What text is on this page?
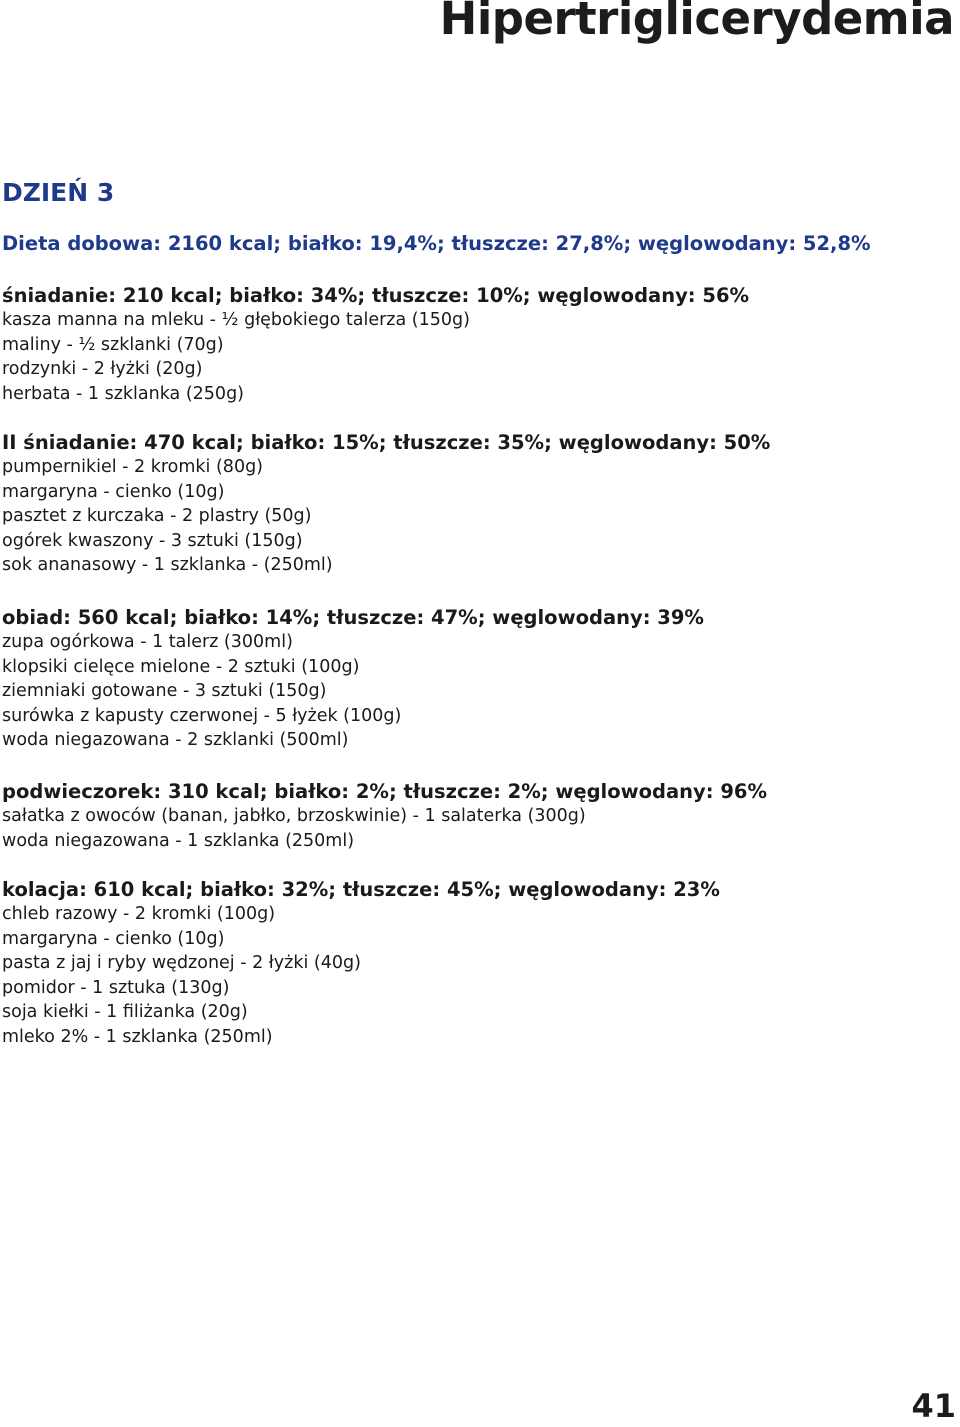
Hipertriglicerydemia
DZIEŃ 3

Dieta dobowa: 2160 kcal; białko: 19,4%; tłuszcze: 27,8%; węglowodany: 52,8%

śniadanie: 210 kcal; białko: 34%; tłuszcze: 10%; węglowodany: 56%
kasza manna na mleku - ½ głębokiego talerza (150g)
maliny - ½ szklanki (70g)
rodzynki - 2 łyżki (20g)
herbata - 1 szklanka (250g)
II śniadanie: 470 kcal; białko: 15%; tłuszcze: 35%; węglowodany: 50%
pumpernikiel - 2 kromki (80g)
margaryna - cienko (10g)
pasztet z kurczaka - 2 plastry (50g)
ogórek kwaszony - 3 sztuki (150g)
sok ananasowy - 1 szklanka - (250ml)
obiad: 560 kcal; białko: 14%; tłuszcze: 47%; węglowodany: 39%
zupa ogórkowa - 1 talerz (300ml)
klopsiki cielęce mielone - 2 sztuki (100g)
ziemniaki gotowane - 3 sztuki (150g)
surówka z kapusty czerwonej - 5 łyżek (100g)
woda niegazowana - 2 szklanki (500ml)
podwieczorek: 310 kcal; białko: 2%; tłuszcze: 2%; węglowodany: 96%
sałatka z owoców (banan, jabłko, brzoskwinie) - 1 salaterka (300g)
woda niegazowana - 1 szklanka (250ml)
kolacja: 610 kcal; białko: 32%; tłuszcze: 45%; węglowodany: 23%
chleb razowy - 2 kromki (100g)
margaryna - cienko (10g)
pasta z jaj i ryby wędzonej - 2 łyżki (40g)
pomidor - 1 sztuka (130g)
soja kiełki - 1 filiżanka (20g)
mleko 2% - 1 szklanka (250ml)
41
